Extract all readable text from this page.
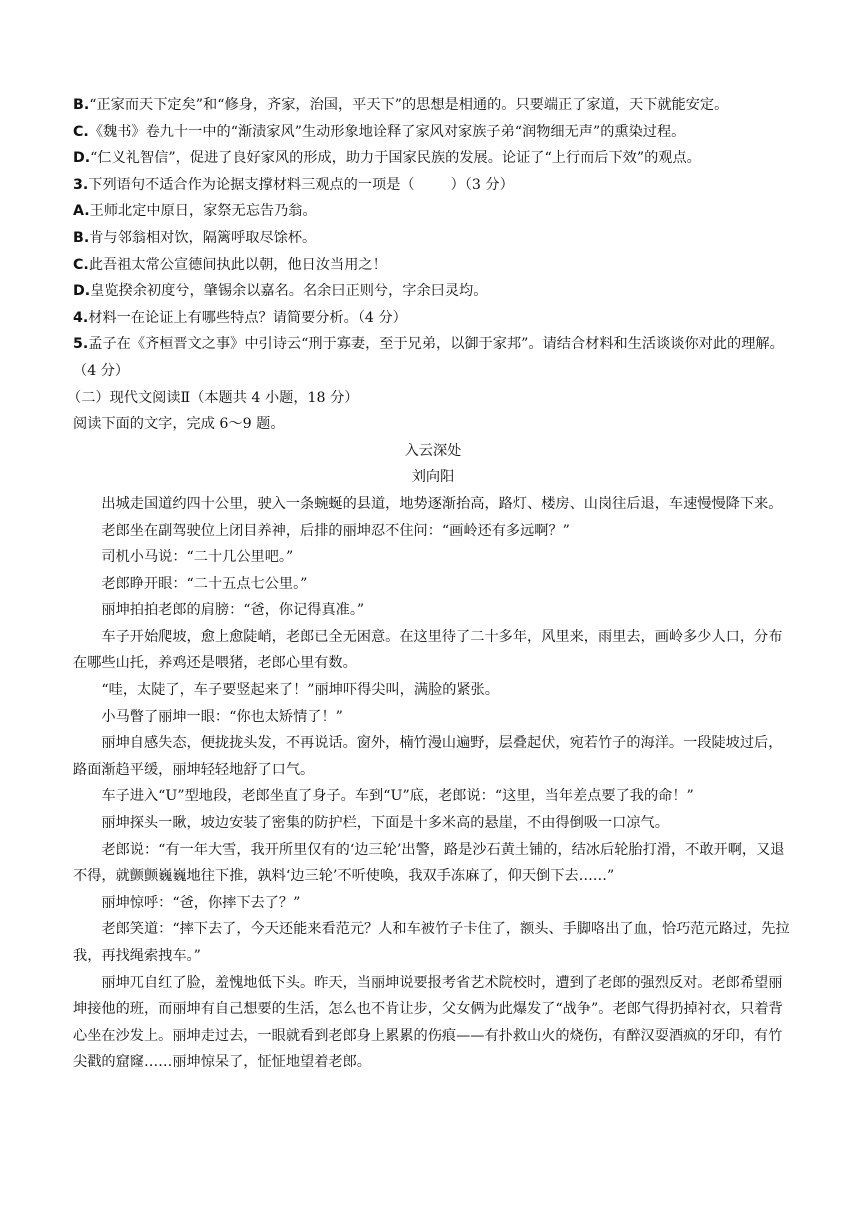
B.“正家而天下定矣”和“修身，齐家，治国，平天下”的思想是相通的。只要端正了家道，天下就能安定。

C.《魏书》卷九十一中的“渐渍家风”生动形象地诠释了家风对家族子弟“润物细无声”的熏染过程。

D.“仁义礼智信”，促进了良好家风的形成，助力于国家民族的发展。论证了“上行而后下效”的观点。

3.下列语句不适合作为论据支撑材料三观点的一项是（	）（3 分）

A.王师北定中原日，家祭无忘告乃翁。

B.肯与邻翁相对饮，隔篱呼取尽馀杯。

C.此吾祖太常公宣德间执此以朝，他日汝当用之！

D.皇览揆余初度兮，肇锡余以嘉名。名余曰正则兮，字余曰灵均。

4.材料一在论证上有哪些特点？请简要分析。（4 分）

5.孟子在《齐桓晋文之事》中引诗云“刑于寡妻，至于兄弟，以御于家邦”。请结合材料和生活谈谈你对此的理解。（4 分）

（二）现代文阅读Ⅱ（本题共 4 小题，18 分）

阅读下面的文字，完成 6～9 题。

入云深处

刘向阳

出城走国道约四十公里，驶入一条蜿蜒的县道，地势逐渐抬高，路灯、楼房、山岗往后退，车速慢慢降下来。

老郎坐在副驾驶位上闭目养神，后排的丽坤忍不住问：“画岭还有多远啊？”

司机小马说：“二十几公里吧。”

老郎睁开眼：“二十五点七公里。”

丽坤拍拍老郎的肩膀：“爸，你记得真准。”

车子开始爬坡，愈上愈陡峭，老郎已全无困意。在这里待了二十多年，风里来，雨里去，画岭多少人口，分布在哪些山托，养鸡还是喂猪，老郎心里有数。

“哇，太陡了，车子要竖起来了！”丽坤吓得尖叫，满脸的紧张。

小马瞥了丽坤一眼：“你也太矫情了！”

丽坤自感失态，便拢拢头发，不再说话。窗外，楠竹漫山遍野，层叠起伏，宛若竹子的海洋。一段陡坡过后，路面渐趋平缓，丽坤轻轻地舒了口气。

车子进入“U”型地段，老郎坐直了身子。车到“U”底，老郎说：“这里，当年差点要了我的命！”

丽坤探头一瞅，坡边安装了密集的防护栏，下面是十多米高的悬崖，不由得倒吸一口凉气。

老郎说：“有一年大雪，我开所里仅有的‘边三轮’出警，路是沙石黄土铺的，结冰后轮胎打滑，不敢开啊，又退不得，就颤颤巍巍地往下推，孰料‘边三轮’不听使唤，我双手冻麻了，仰天倒下去……”

丽坤惊呼：“爸，你摔下去了？”

老郎笑道：“摔下去了，今天还能来看范元？人和车被竹子卡住了，额头、手脚咯出了血，恰巧范元路过，先拉我，再找绳索拽车。”

丽坤兀自红了脸，羞愧地低下头。昨天，当丽坤说要报考省艺术院校时，遭到了老郎的强烈反对。老郎希望丽坤接他的班，而丽坤有自己想要的生活，怎么也不肯让步，父女俩为此爆发了“战争”。老郎气得扔掉衬衣，只着背心坐在沙发上。丽坤走过去，一眼就看到老郎身上累累的伤痕——有扑救山火的烧伤，有醉汉耍酒疯的牙印，有竹尖戳的窟窿……丽坤惊呆了，怔怔地望着老郎。
